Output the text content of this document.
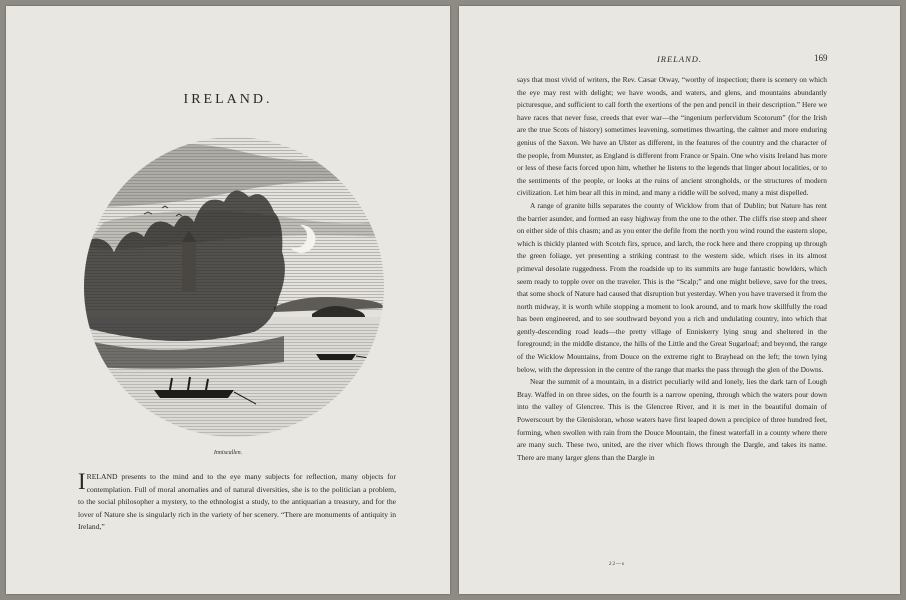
IRELAND.
Inniscallen.

IRELAND presents to the mind and to the eye many subjects for reflection, many objects for contemplation. Full of moral anomalies and of natural diversities, she is to the politician a problem, to the social philosopher a mystery, to the ethnologist a study, to the antiquarian a treasury, and for the lover of Nature she is singularly rich in the variety of her scenery. “There are monuments of antiquity in Ireland,”

IRELAND.	169

says that most vivid of writers, the Rev. Cæsar Otway, “worthy of inspection; there is scenery on which the eye may rest with delight; we have woods, and waters, and glens, and mountains abundantly picturesque, and sufficient to call forth the exertions of the pen and pencil in their description.” Here we have races that never fuse, creeds that ever war—the “ingenium perfervidum Scotorum” (for the Irish are the true Scots of history) sometimes leavening, sometimes thwarting, the calmer and more enduring genius of the Saxon. We have an Ulster as different, in the features of the country and the character of the people, from Munster, as England is different from France or Spain. One who visits Ireland has more or less of these facts forced upon him, whether he listens to the legends that linger about localities, or to the sentiments of the people, or looks at the ruins of ancient strongholds, or the structures of modern civilization. Let him bear all this in mind, and many a riddle will be solved, many a mist dispelled.

A range of granite hills separates the county of Wicklow from that of Dublin; but Nature has rent the barrier asunder, and formed an easy highway from the one to the other. The cliffs rise steep and sheer on either side of this chasm; and as you enter the defile from the north you wind round the eastern slope, which is thickly planted with Scotch firs, spruce, and larch, the rock here and there cropping up through the green foliage, yet presenting a striking contrast to the western side, which rises in its almost primeval desolate ruggedness. From the roadside up to its summits are huge fantastic bowlders, which seem ready to topple over on the traveler. This is the “Scalp;” and one might believe, save for the trees, that some shock of Nature had caused that disruption but yesterday. When you have traversed it from the north midway, it is worth while stopping a moment to look around, and to mark how skillfully the road has been engineered, and to see southward beyond you a rich and undulating country, into which that gently-descending road leads—the pretty village of Enniskerry lying snug and sheltered in the foreground; in the middle distance, the hills of the Little and the Great Sugarloaf; and beyond, the range of the Wicklow Mountains, from Douce on the extreme right to Brayhead on the left; the town lying below, with the depression in the centre of the range that marks the pass through the glen of the Downs.

Near the summit of a mountain, in a district peculiarly wild and lonely, lies the dark tarn of Lough Bray. Waffed in on three sides, on the fourth is a narrow opening, through which the waters pour down into the valley of Glencree. This is the Glencree River, and it is met in the beautiful domain of Powerscourt by the Glenisloran, whose waters have first leaped down a precipice of three hundred feet, forming, when swollen with rain from the Douce Mountain, the finest waterfall in a county where there are many such. These two, united, are the river which flows through the Dargle, and takes its name. There are many larger glens than the Dargle in

22—s
